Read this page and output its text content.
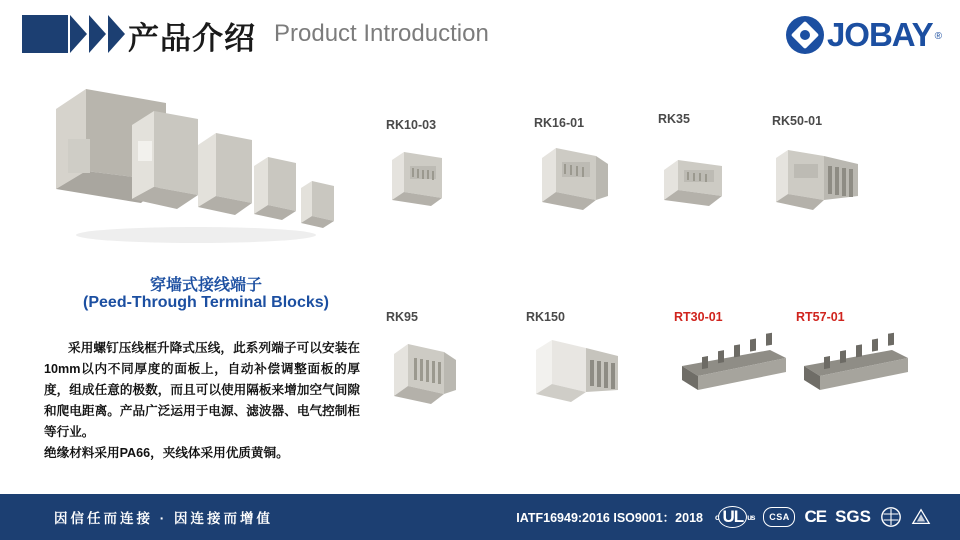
产品介绍 Product Introduction	JOBAY ®
穿墙式接线端子
(Peed-Through Terminal Blocks)
采用螺钉压线框升降式压线，此系列端子可以安装在10mm以内不同厚度的面板上，自动补偿调整面板的厚度，组成任意的极数，而且可以使用隔板来增加空气间隙和爬电距离。产品广泛运用于电源、滤波器、电气控制柜等行业。
绝缘材料采用PA66，夹线体采用优质黄铜。
RK10-03	RK16-01	RK35	RK50-01
RK95	RK150	RT30-01	RT57-01
因信任而连接 · 因连接而增值	IATF16949:2016 ISO9001：2018 c UL us	CSA CE SGS
